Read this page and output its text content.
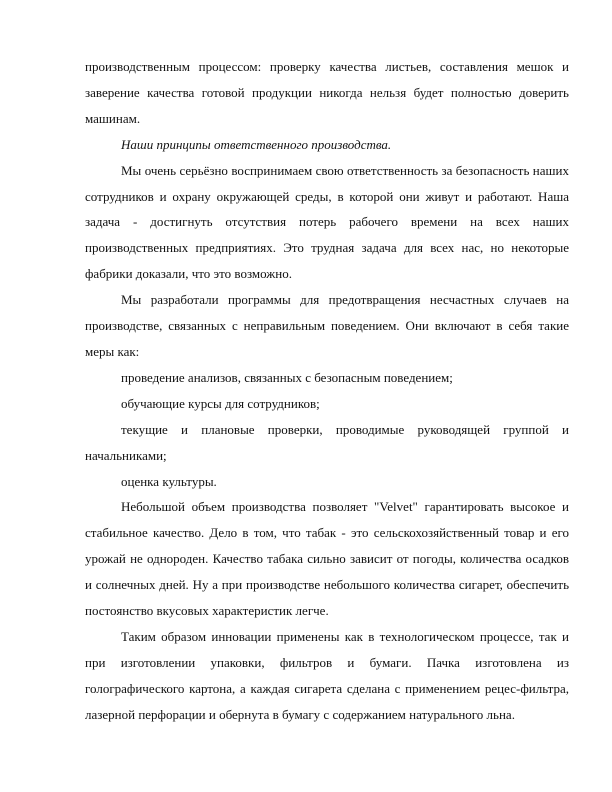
производственным процессом: проверку качества листьев, составления мешок и заверение качества готовой продукции никогда нельзя будет полностью доверить машинам.

Наши принципы ответственного производства.

Мы очень серьёзно воспринимаем свою ответственность за безопасность наших сотрудников и охрану окружающей среды, в которой они живут и работают. Наша задача - достигнуть отсутствия потерь рабочего времени на всех наших производственных предприятиях. Это трудная задача для всех нас, но некоторые фабрики доказали, что это возможно.

Мы разработали программы для предотвращения несчастных случаев на производстве, связанных с неправильным поведением. Они включают в себя такие меры как:

проведение анализов, связанных с безопасным поведением;

обучающие курсы для сотрудников;

текущие и плановые проверки, проводимые руководящей группой и начальниками;

оценка культуры.

Небольшой объем производства позволяет "Velvet" гарантировать высокое и стабильное качество. Дело в том, что табак - это сельскохозяйственный товар и его урожай не однороден. Качество табака сильно зависит от погоды, количества осадков и солнечных дней. Ну а при производстве небольшого количества сигарет, обеспечить постоянство вкусовых характеристик легче.

Таким образом инновации применены как в технологическом процессе, так и при изготовлении упаковки, фильтров и бумаги. Пачка изготовлена из голографического картона, а каждая сигарета сделана с применением рецес-фильтра, лазерной перфорации и обернута в бумагу с содержанием натурального льна.
